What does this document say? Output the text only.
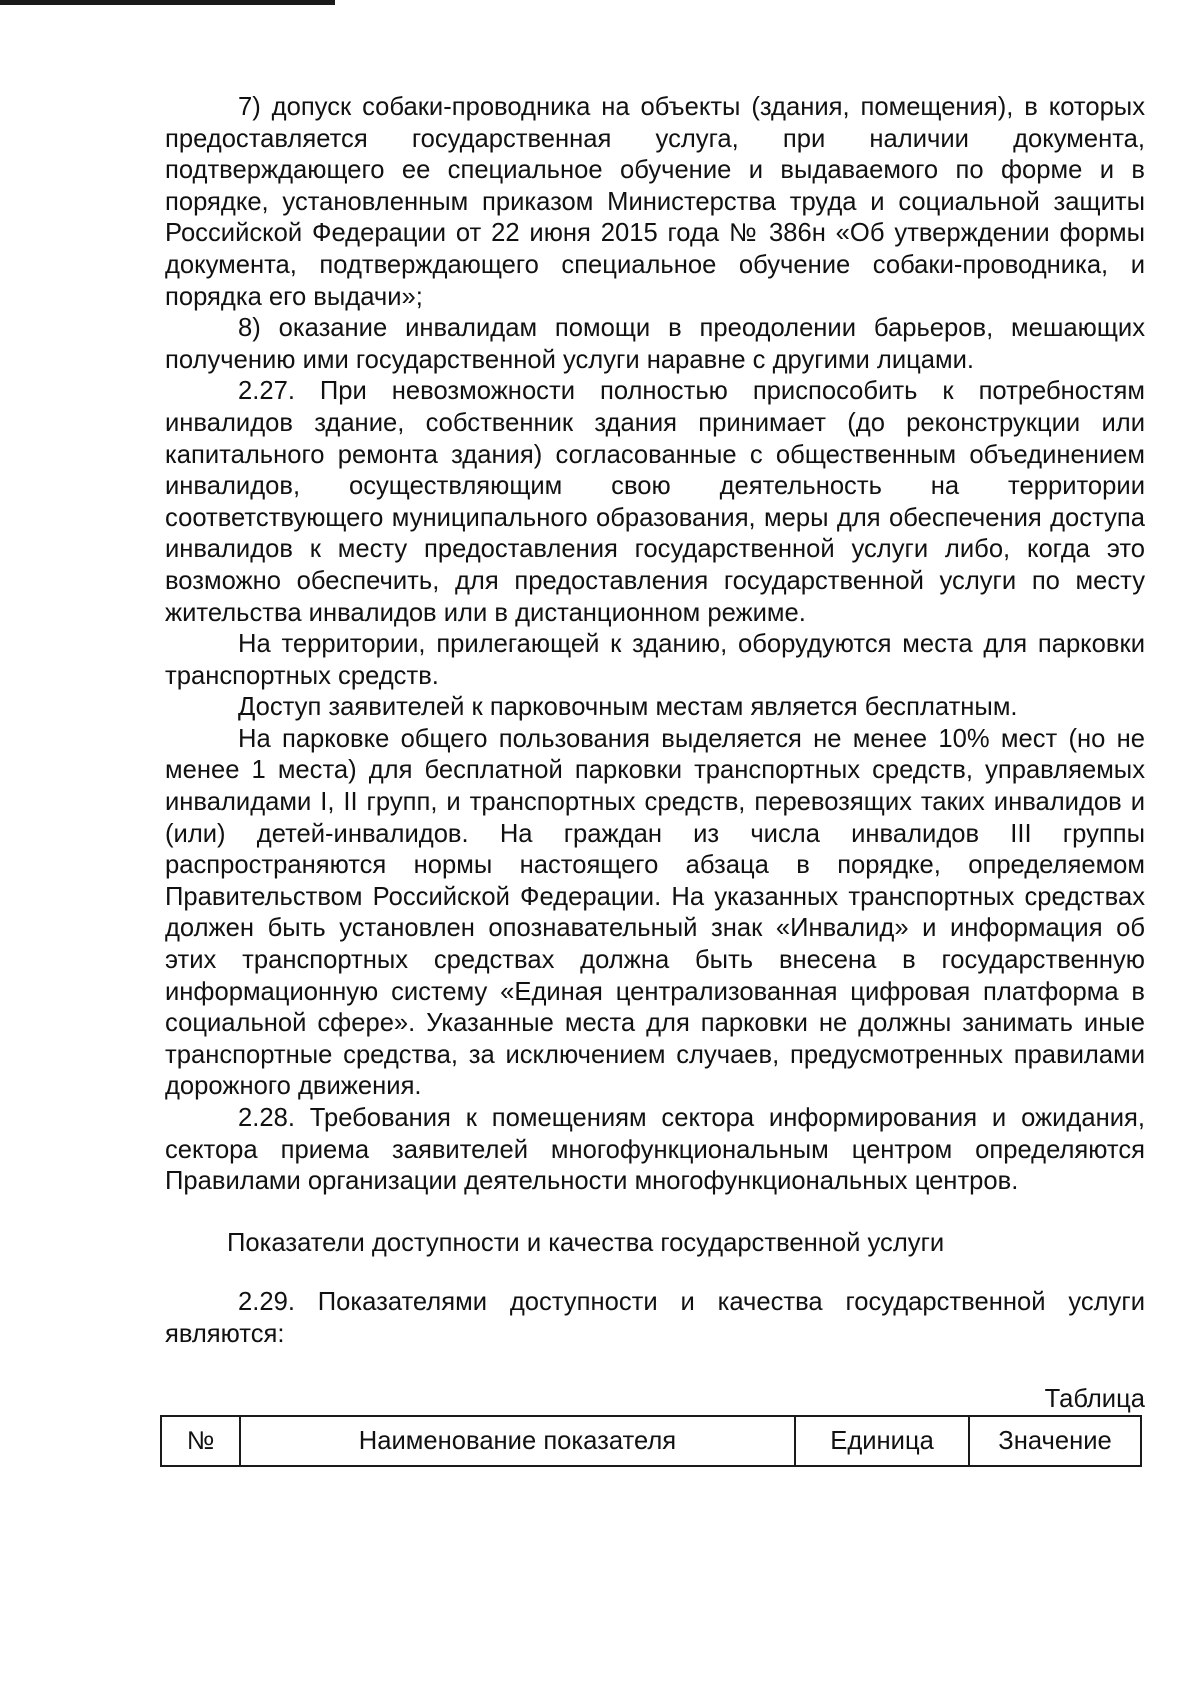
7) допуск собаки-проводника на объекты (здания, помещения), в которых предоставляется государственная услуга, при наличии документа, подтверждающего ее специальное обучение и выдаваемого по форме и в порядке, установленным приказом Министерства труда и социальной защиты Российской Федерации от 22 июня 2015 года № 386н «Об утверждении формы документа, подтверждающего специальное обучение собаки-проводника, и порядка его выдачи»;

8) оказание инвалидам помощи в преодолении барьеров, мешающих получению ими государственной услуги наравне с другими лицами.

2.27. При невозможности полностью приспособить к потребностям инвалидов здание, собственник здания принимает (до реконструкции или капитального ремонта здания) согласованные с общественным объединением инвалидов, осуществляющим свою деятельность на территории соответствующего муниципального образования, меры для обеспечения доступа инвалидов к месту предоставления государственной услуги либо, когда это возможно обеспечить, для предоставления государственной услуги по месту жительства инвалидов или в дистанционном режиме.

На территории, прилегающей к зданию, оборудуются места для парковки транспортных средств.

Доступ заявителей к парковочным местам является бесплатным.

На парковке общего пользования выделяется не менее 10% мест (но не менее 1 места) для бесплатной парковки транспортных средств, управляемых инвалидами I, II групп, и транспортных средств, перевозящих таких инвалидов и (или) детей-инвалидов. На граждан из числа инвалидов III группы распространяются нормы настоящего абзаца в порядке, определяемом Правительством Российской Федерации. На указанных транспортных средствах должен быть установлен опознавательный знак «Инвалид» и информация об этих транспортных средствах должна быть внесена в государственную информационную систему «Единая централизованная цифровая платформа в социальной сфере». Указанные места для парковки не должны занимать иные транспортные средства, за исключением случаев, предусмотренных правилами дорожного движения.

2.28. Требования к помещениям сектора информирования и ожидания, сектора приема заявителей многофункциональным центром определяются Правилами организации деятельности многофункциональных центров.

Показатели доступности и качества государственной услуги

2.29. Показателями доступности и качества государственной услуги являются:

Таблица
№	Наименование показателя	Единица	Значение
